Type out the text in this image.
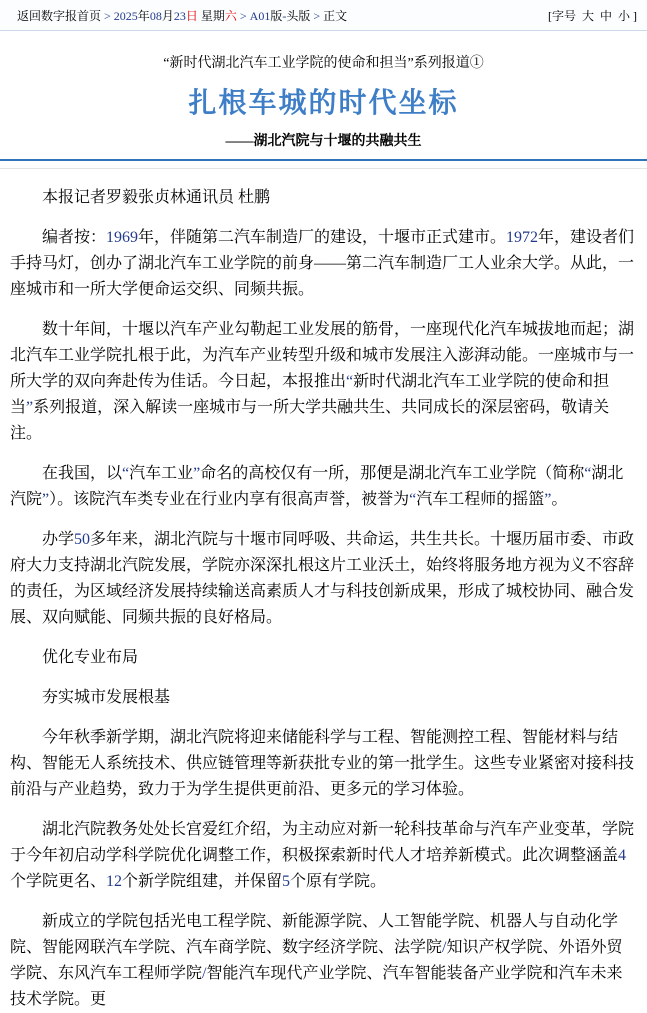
返回数字报首页 > 2025年08月23日 星期六 > A01版-头版 > 正文	[字号 大 中 小 ]

“新时代湖北汽车工业学院的使命和担当”系列报道①

扎根车城的时代坐标

——湖北汽院与十堰的共融共生

本报记者罗毅张贞林通讯员 杜鹏

编者按：1969年，伴随第二汽车制造厂的建设，十堰市正式建市。1972年，建设者们手持马灯，创办了湖北汽车工业学院的前身——第二汽车制造厂工人业余大学。从此，一座城市和一所大学便命运交织、同频共振。

数十年间，十堰以汽车产业勾勒起工业发展的筋骨，一座现代化汽车城拔地而起；湖北汽车工业学院扎根于此，为汽车产业转型升级和城市发展注入澎湃动能。一座城市与一所大学的双向奔赴传为佳话。今日起，本报推出“新时代湖北汽车工业学院的使命和担当”系列报道，深入解读一座城市与一所大学共融共生、共同成长的深层密码，敬请关注。

在我国，以“汽车工业”命名的高校仅有一所，那便是湖北汽车工业学院（简称“湖北汽院”）。该院汽车类专业在行业内享有很高声誉，被誉为“汽车工程师的摇篮”。

办学50多年来，湖北汽院与十堰市同呼吸、共命运，共生共长。十堰历届市委、市政府大力支持湖北汽院发展，学院亦深深扎根这片工业沃土，始终将服务地方视为义不容辞的责任，为区域经济发展持续输送高素质人才与科技创新成果，形成了城校协同、融合发展、双向赋能、同频共振的良好格局。

优化专业布局

夯实城市发展根基

今年秋季新学期，湖北汽院将迎来储能科学与工程、智能测控工程、智能材料与结构、智能无人系统技术、供应链管理等新获批专业的第一批学生。这些专业紧密对接科技前沿与产业趋势，致力于为学生提供更前沿、更多元的学习体验。

湖北汽院教务处处长宫爱红介绍，为主动应对新一轮科技革命与汽车产业变革，学院于今年初启动学科学院优化调整工作，积极探索新时代人才培养新模式。此次调整涵盖4个学院更名、12个新学院组建，并保留5个原有学院。

新成立的学院包括光电工程学院、新能源学院、人工智能学院、机器人与自动化学院、智能网联汽车学院、汽车商学院、数字经济学院、法学院/知识产权学院、外语外贸学院、东风汽车工程师学院/智能汽车现代产业学院、汽车智能装备产业学院和汽车未来技术学院。更
